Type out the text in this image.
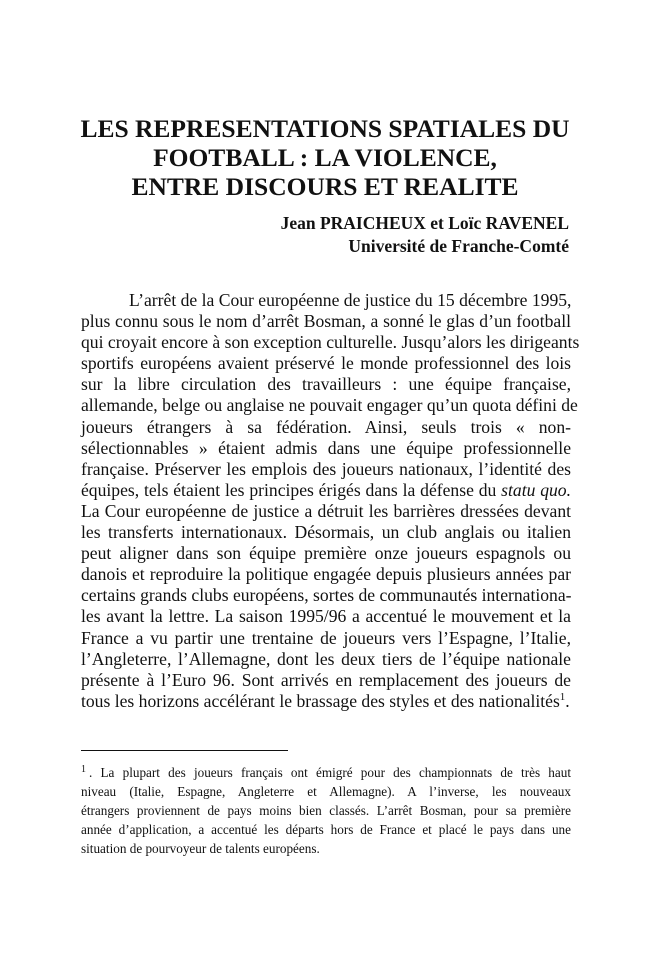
LES REPRESENTATIONS SPATIALES DU
FOOTBALL : LA VIOLENCE,
ENTRE DISCOURS ET REALITE
Jean PRAICHEUX et Loïc RAVENEL
Université de Franche-Comté

L’arrêt de la Cour européenne de justice du 15 décembre 1995,
plus connu sous le nom d’arrêt Bosman, a sonné le glas d’un football
qui croyait encore à son exception culturelle. Jusqu’alors les dirigeants
sportifs européens avaient préservé le monde professionnel des lois
sur la libre circulation des travailleurs : une équipe française,
allemande, belge ou anglaise ne pouvait engager qu’un quota défini de
joueurs étrangers à sa fédération. Ainsi, seuls trois « non-
sélectionnables » étaient admis dans une équipe professionnelle
française. Préserver les emplois des joueurs nationaux, l’identité des
équipes, tels étaient les principes érigés dans la défense du statu quo.
La Cour européenne de justice a détruit les barrières dressées devant
les transferts internationaux. Désormais, un club anglais ou italien
peut aligner dans son équipe première onze joueurs espagnols ou
danois et reproduire la politique engagée depuis plusieurs années par
certains grands clubs européens, sortes de communautés internationa-
les avant la lettre. La saison 1995/96 a accentué le mouvement et la
France a vu partir une trentaine de joueurs vers l’Espagne, l’Italie,
l’Angleterre, l’Allemagne, dont les deux tiers de l’équipe nationale
présente à l’Euro 96. Sont arrivés en remplacement des joueurs de
tous les horizons accélérant le brassage des styles et des nationalités$^1$.

$^1$ . La plupart des joueurs français ont émigré pour des championnats de très haut
niveau (Italie, Espagne, Angleterre et Allemagne). A l’inverse, les nouveaux
étrangers proviennent de pays moins bien classés. L’arrêt Bosman, pour sa première
année d’application, a accentué les départs hors de France et placé le pays dans une
situation de pourvoyeur de talents européens.
